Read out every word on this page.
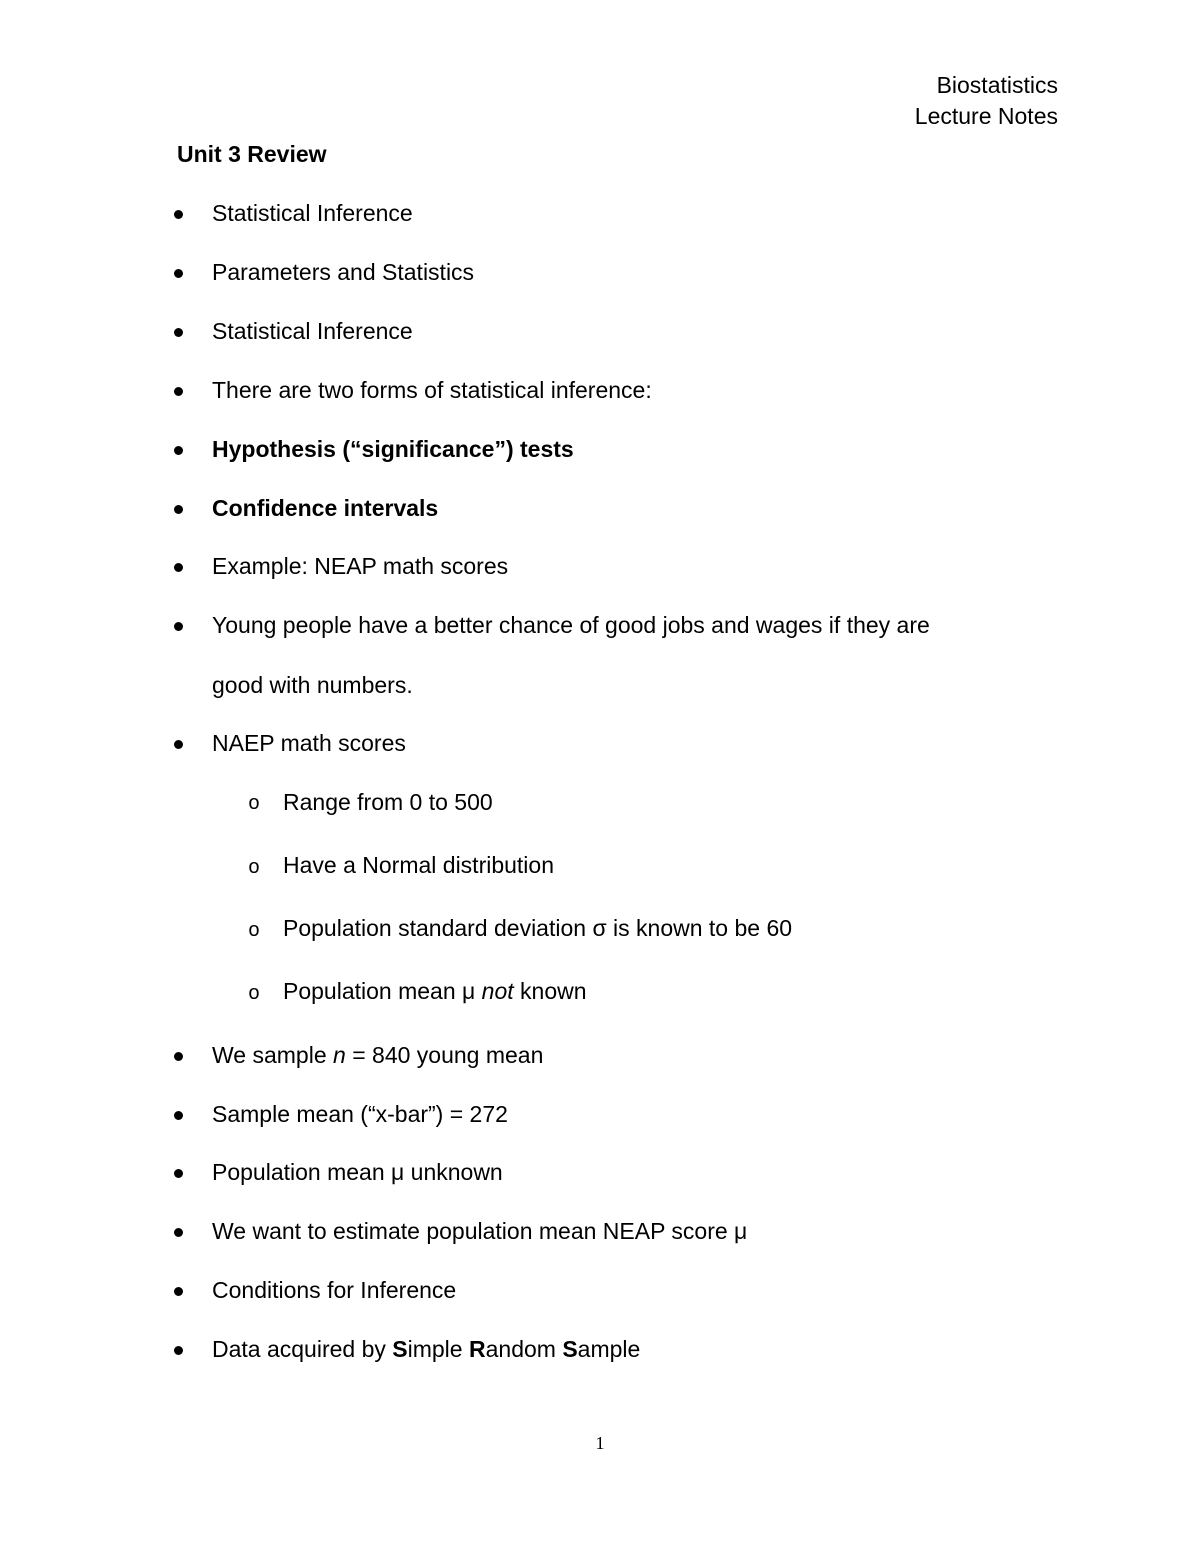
Biostatistics
Lecture Notes
Unit 3 Review
Statistical Inference
Parameters and Statistics
Statistical Inference
There are two forms of statistical inference:
Hypothesis (“significance”) tests
Confidence intervals
Example: NEAP math scores
Young people have a better chance of good jobs and wages if they are
good with numbers.
NAEP math scores
o Range from 0 to 500
o Have a Normal distribution
o Population standard deviation σ is known to be 60
o Population mean μ not known
We sample n = 840 young mean
Sample mean (“x-bar”) = 272
Population mean μ unknown
We want to estimate population mean NEAP score μ
Conditions for Inference
Data acquired by Simple Random Sample
1
